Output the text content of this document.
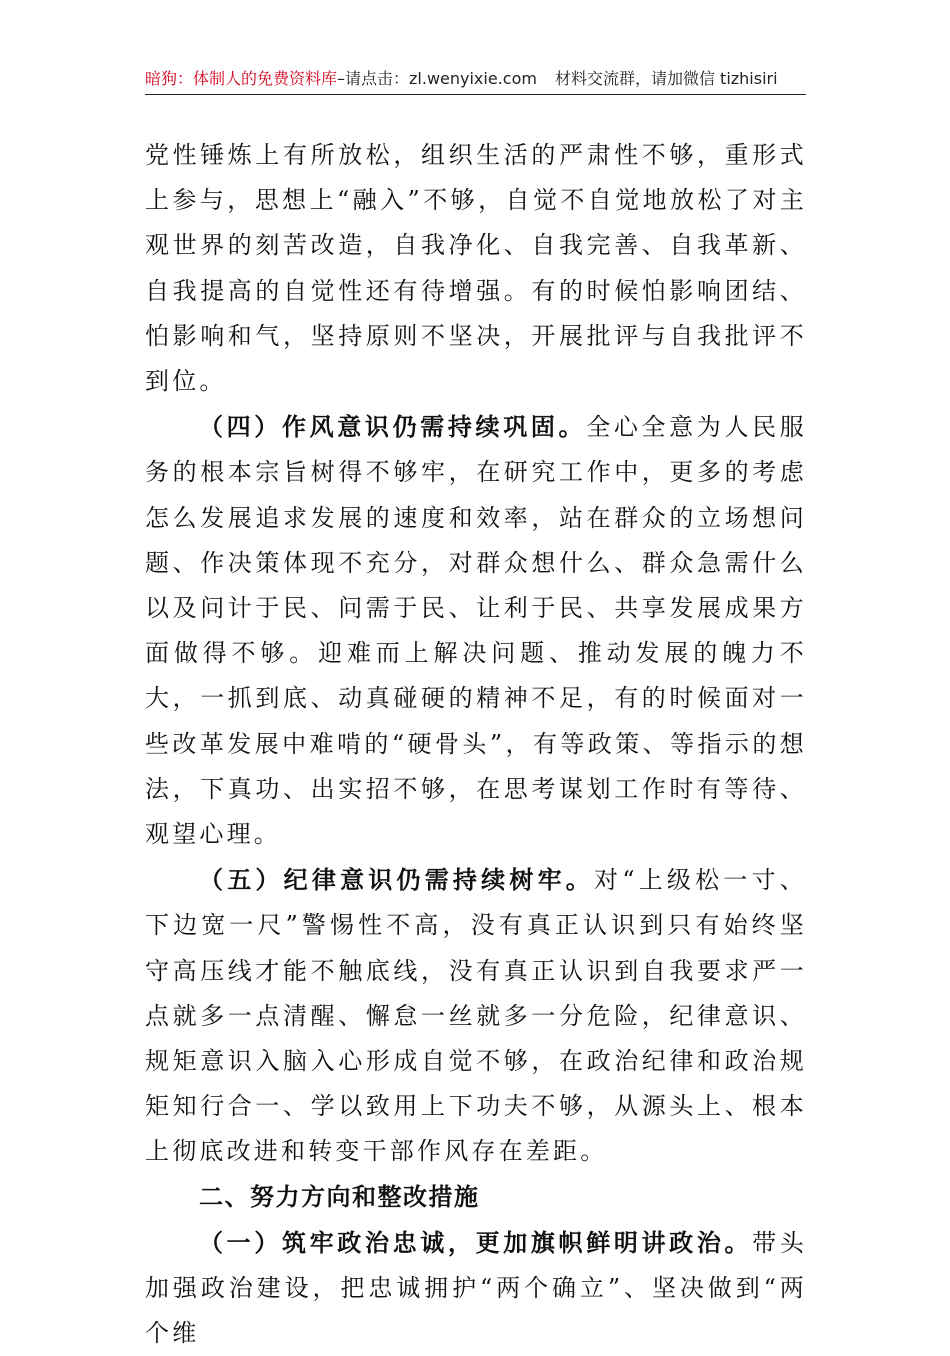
暗狗：体制人的免费资料库–请点击：zl.wenyixie.com 材料交流群，请加微信 tizhisiri

党性锤炼上有所放松，组织生活的严肃性不够，重形式上参与，思想上“融入”不够，自觉不自觉地放松了对主观世界的刻苦改造，自我净化、自我完善、自我革新、自我提高的自觉性还有待增强。有的时候怕影响团结、怕影响和气，坚持原则不坚决，开展批评与自我批评不到位。

（四）作风意识仍需持续巩固。全心全意为人民服务的根本宗旨树得不够牢，在研究工作中，更多的考虑怎么发展追求发展的速度和效率，站在群众的立场想问题、作决策体现不充分，对群众想什么、群众急需什么以及问计于民、问需于民、让利于民、共享发展成果方面做得不够。迎难而上解决问题、推动发展的魄力不大，一抓到底、动真碰硬的精神不足，有的时候面对一些改革发展中难啃的“硬骨头”，有等政策、等指示的想法，下真功、出实招不够，在思考谋划工作时有等待、观望心理。

（五）纪律意识仍需持续树牢。对“上级松一寸、下边宽一尺”警惕性不高，没有真正认识到只有始终坚守高压线才能不触底线，没有真正认识到自我要求严一点就多一点清醒、懈怠一丝就多一分危险，纪律意识、规矩意识入脑入心形成自觉不够，在政治纪律和政治规矩知行合一、学以致用上下功夫不够，从源头上、根本上彻底改进和转变干部作风存在差距。

二、努力方向和整改措施

（一）筑牢政治忠诚，更加旗帜鲜明讲政治。带头加强政治建设，把忠诚拥护“两个确立”、坚决做到“两个维
